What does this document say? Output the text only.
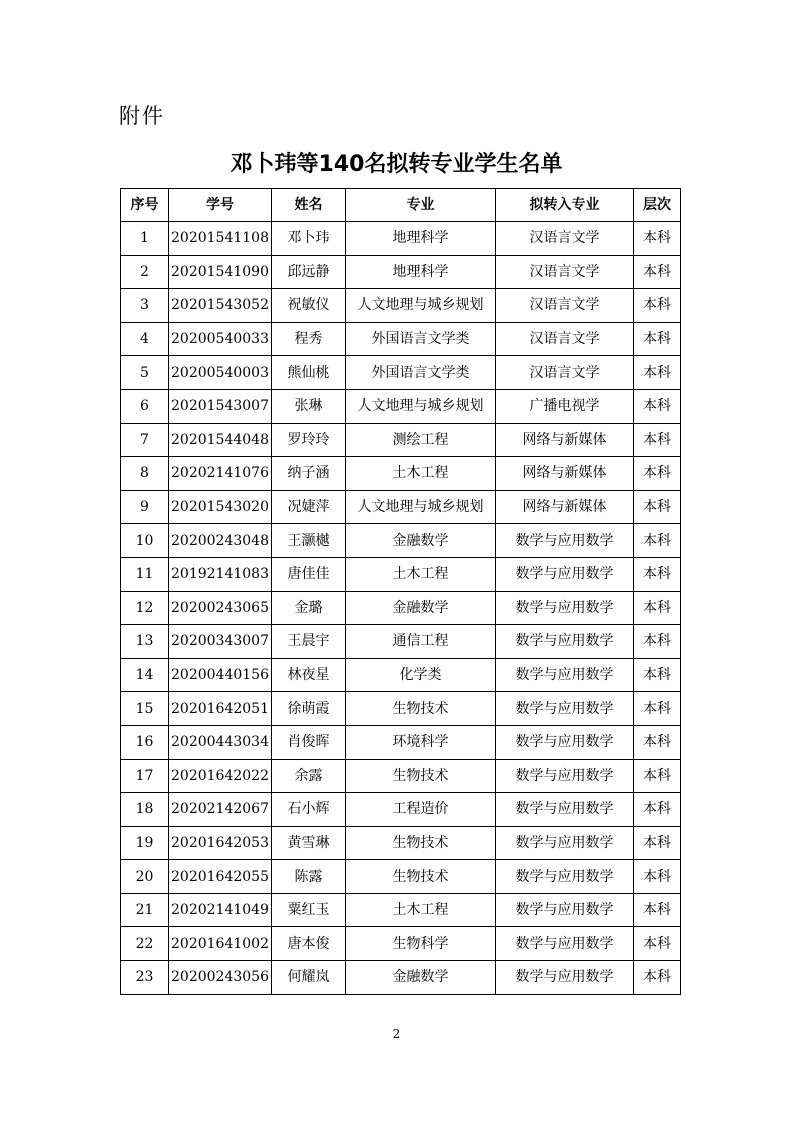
附件
邓卜玮等140名拟转专业学生名单
序号	学号	姓名	专业	拟转入专业	层次
1	20201541108	邓卜玮	地理科学	汉语言文学	本科
2	20201541090	邱远静	地理科学	汉语言文学	本科
3	20201543052	祝敏仪	人文地理与城乡规划	汉语言文学	本科
4	20200540033	程秀	外国语言文学类	汉语言文学	本科
5	20200540003	熊仙桃	外国语言文学类	汉语言文学	本科
6	20201543007	张琳	人文地理与城乡规划	广播电视学	本科
7	20201544048	罗玲玲	测绘工程	网络与新媒体	本科
8	20202141076	纳子涵	土木工程	网络与新媒体	本科
9	20201543020	况婕萍	人文地理与城乡规划	网络与新媒体	本科
10	20200243048	王灏樾	金融数学	数学与应用数学	本科
11	20192141083	唐佳佳	土木工程	数学与应用数学	本科
12	20200243065	金璐	金融数学	数学与应用数学	本科
13	20200343007	王晨宇	通信工程	数学与应用数学	本科
14	20200440156	林夜星	化学类	数学与应用数学	本科
15	20201642051	徐萌霞	生物技术	数学与应用数学	本科
16	20200443034	肖俊晖	环境科学	数学与应用数学	本科
17	20201642022	余露	生物技术	数学与应用数学	本科
18	20202142067	石小辉	工程造价	数学与应用数学	本科
19	20201642053	黄雪琳	生物技术	数学与应用数学	本科
20	20201642055	陈露	生物技术	数学与应用数学	本科
21	20202141049	粟红玉	土木工程	数学与应用数学	本科
22	20201641002	唐本俊	生物科学	数学与应用数学	本科
23	20200243056	何耀岚	金融数学	数学与应用数学	本科
2
